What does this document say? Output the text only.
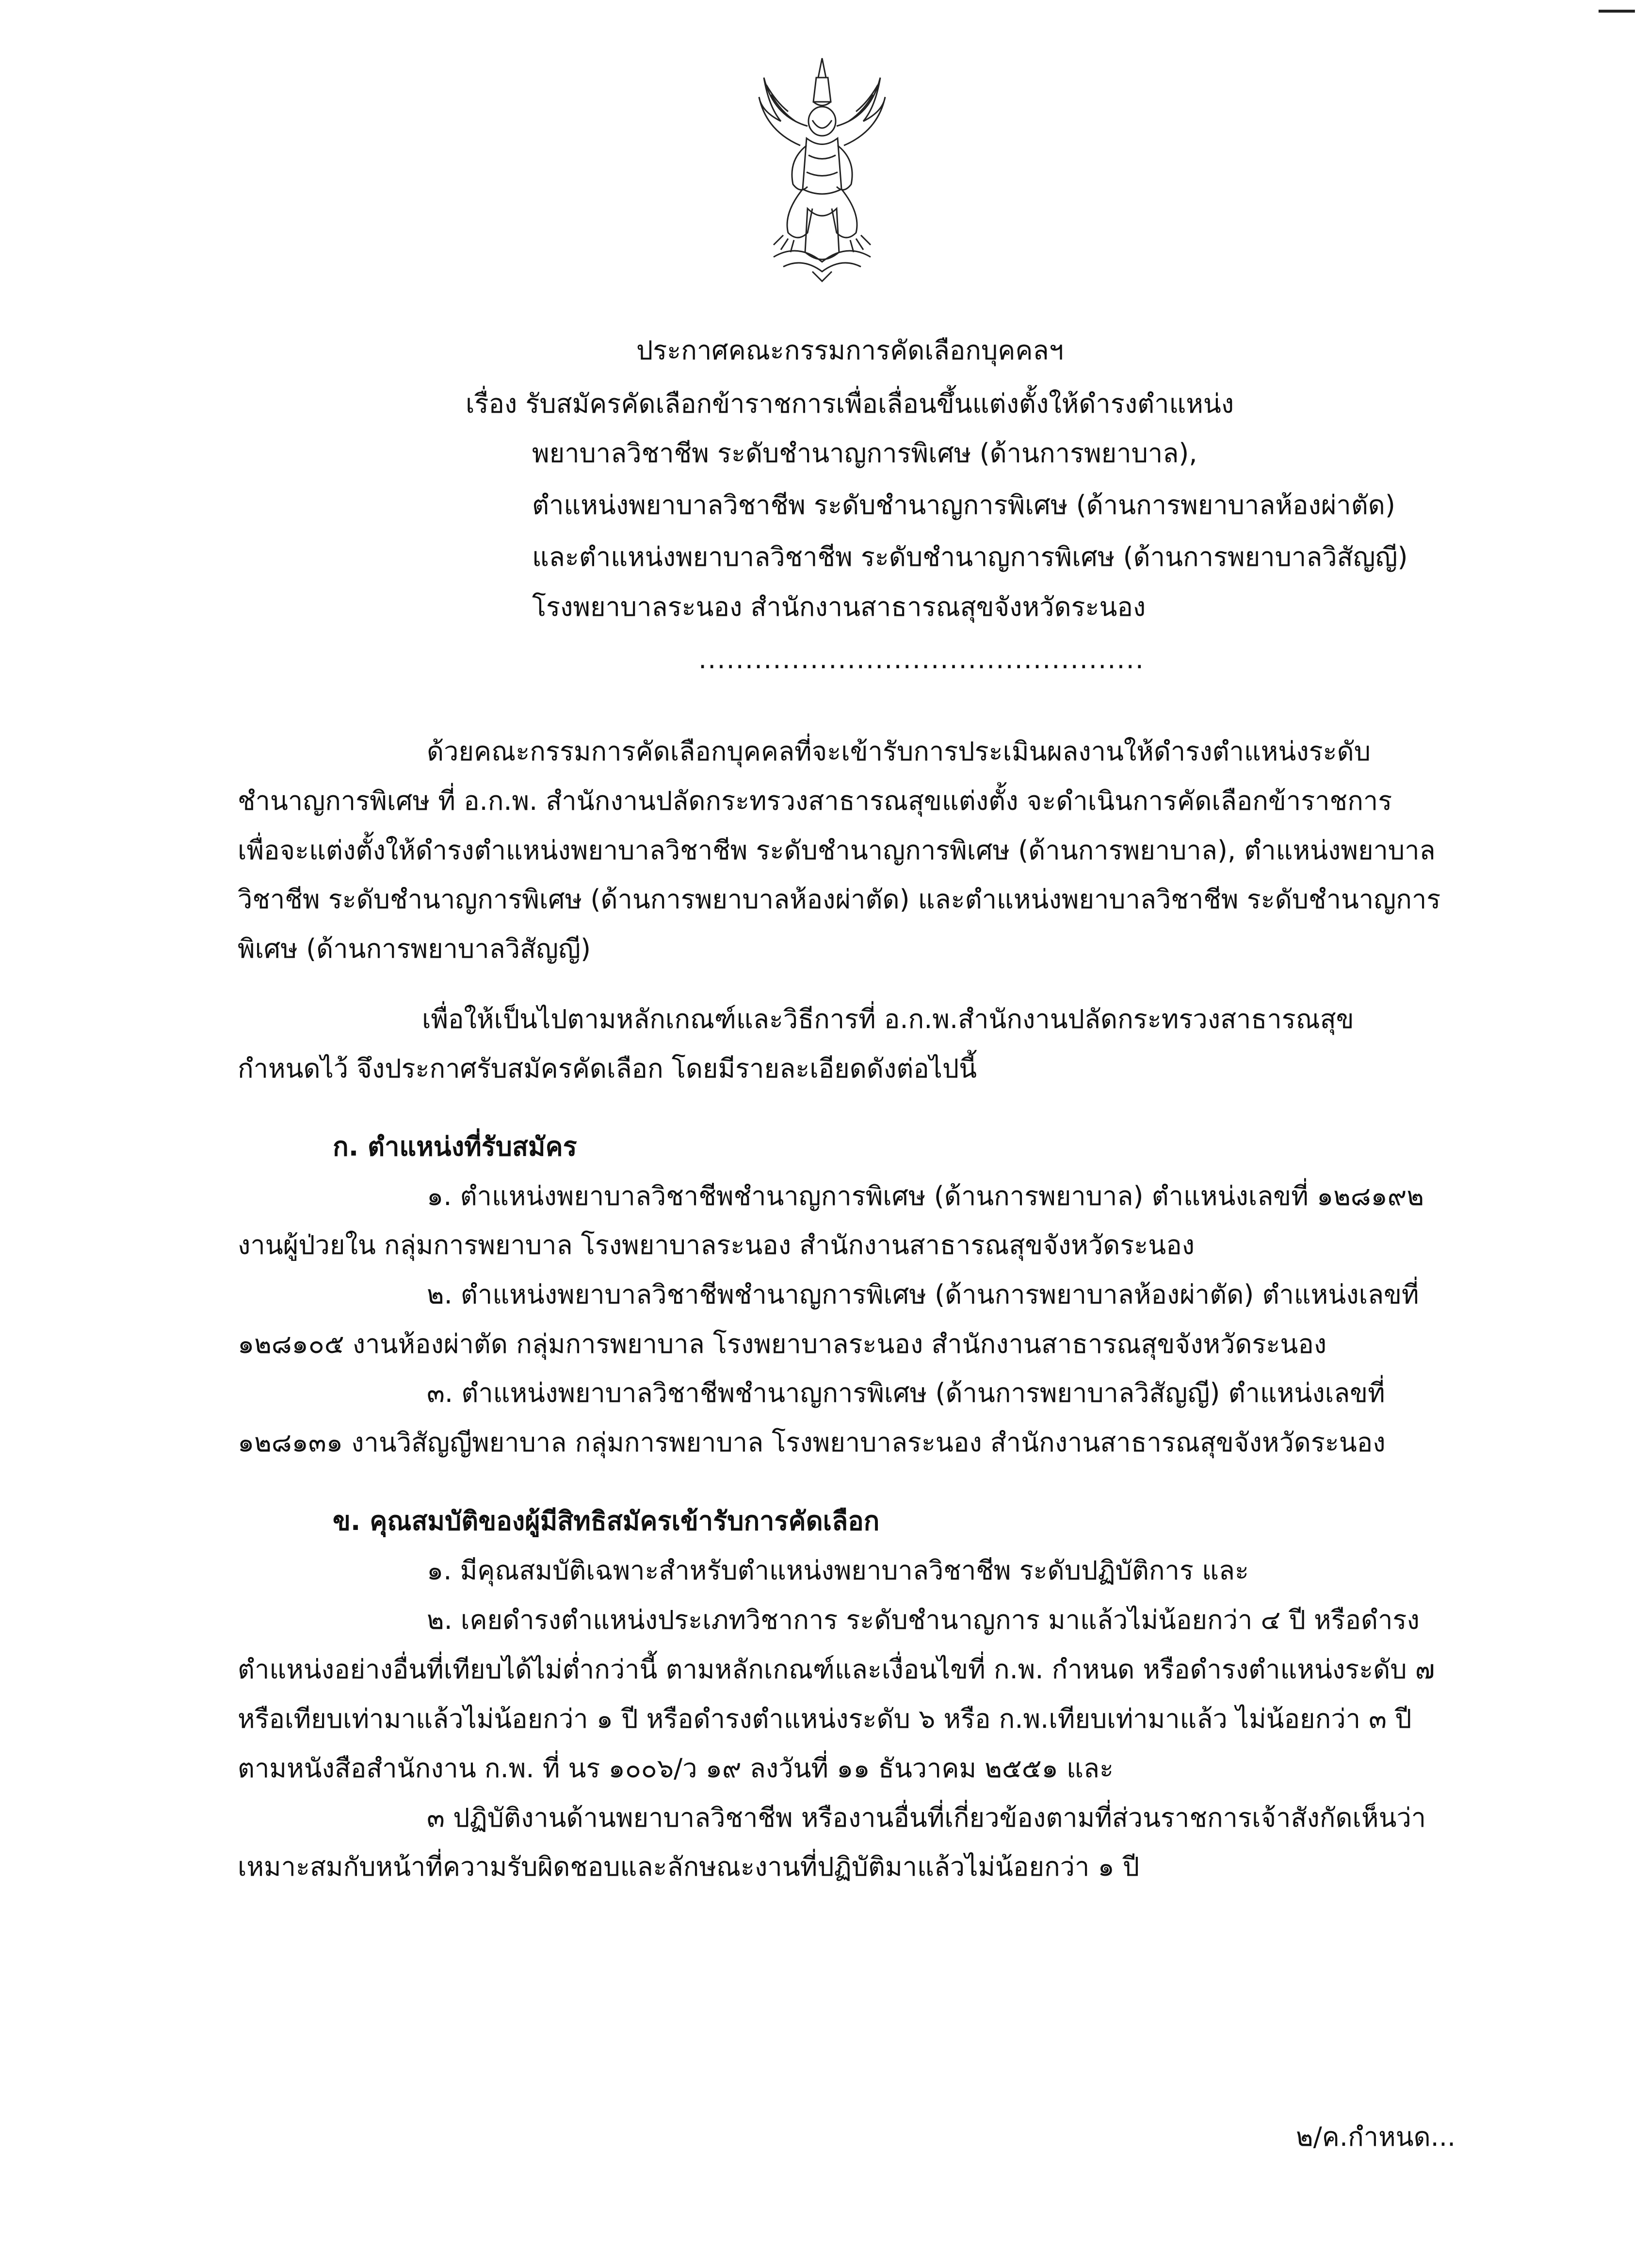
ประกาศคณะกรรมการคัดเลือกบุคคลฯ
เรื่อง รับสมัครคัดเลือกข้าราชการเพื่อเลื่อนขึ้นแต่งตั้งให้ดำรงตำแหน่ง
พยาบาลวิชาชีพ ระดับชำนาญการพิเศษ (ด้านการพยาบาล),
ตำแหน่งพยาบาลวิชาชีพ ระดับชำนาญการพิเศษ (ด้านการพยาบาลห้องผ่าตัด)
และตำแหน่งพยาบาลวิชาชีพ ระดับชำนาญการพิเศษ (ด้านการพยาบาลวิสัญญี)
โรงพยาบาลระนอง สำนักงานสาธารณสุขจังหวัดระนอง
................................................
ด้วยคณะกรรมการคัดเลือกบุคคลที่จะเข้ารับการประเมินผลงานให้ดำรงตำแหน่งระดับ
ชำนาญการพิเศษ ที่ อ.ก.พ. สำนักงานปลัดกระทรวงสาธารณสุขแต่งตั้ง จะดำเนินการคัดเลือกข้าราชการ
เพื่อจะแต่งตั้งให้ดำรงตำแหน่งพยาบาลวิชาชีพ ระดับชำนาญการพิเศษ (ด้านการพยาบาล), ตำแหน่งพยาบาล
วิชาชีพ ระดับชำนาญการพิเศษ (ด้านการพยาบาลห้องผ่าตัด) และตำแหน่งพยาบาลวิชาชีพ ระดับชำนาญการ
พิเศษ (ด้านการพยาบาลวิสัญญี)
เพื่อให้เป็นไปตามหลักเกณฑ์และวิธีการที่ อ.ก.พ.สำนักงานปลัดกระทรวงสาธารณสุข
กำหนดไว้ จึงประกาศรับสมัครคัดเลือก โดยมีรายละเอียดดังต่อไปนี้
ก. ตำแหน่งที่รับสมัคร
๑. ตำแหน่งพยาบาลวิชาชีพชำนาญการพิเศษ (ด้านการพยาบาล) ตำแหน่งเลขที่ ๑๒๘๑๙๒
งานผู้ป่วยใน กลุ่มการพยาบาล โรงพยาบาลระนอง สำนักงานสาธารณสุขจังหวัดระนอง
๒. ตำแหน่งพยาบาลวิชาชีพชำนาญการพิเศษ (ด้านการพยาบาลห้องผ่าตัด) ตำแหน่งเลขที่
๑๒๘๑๐๕ งานห้องผ่าตัด กลุ่มการพยาบาล โรงพยาบาลระนอง สำนักงานสาธารณสุขจังหวัดระนอง
๓. ตำแหน่งพยาบาลวิชาชีพชำนาญการพิเศษ (ด้านการพยาบาลวิสัญญี) ตำแหน่งเลขที่
๑๒๘๑๓๑ งานวิสัญญีพยาบาล กลุ่มการพยาบาล โรงพยาบาลระนอง สำนักงานสาธารณสุขจังหวัดระนอง
ข. คุณสมบัติของผู้มีสิทธิสมัครเข้ารับการคัดเลือก
๑. มีคุณสมบัติเฉพาะสำหรับตำแหน่งพยาบาลวิชาชีพ ระดับปฏิบัติการ และ
๒. เคยดำรงตำแหน่งประเภทวิชาการ ระดับชำนาญการ มาแล้วไม่น้อยกว่า ๔ ปี หรือดำรง
ตำแหน่งอย่างอื่นที่เทียบได้ไม่ต่ำกว่านี้ ตามหลักเกณฑ์และเงื่อนไขที่ ก.พ. กำหนด หรือดำรงตำแหน่งระดับ ๗
หรือเทียบเท่ามาแล้วไม่น้อยกว่า ๑ ปี หรือดำรงตำแหน่งระดับ ๖ หรือ ก.พ.เทียบเท่ามาแล้ว ไม่น้อยกว่า ๓ ปี
ตามหนังสือสำนักงาน ก.พ. ที่ นร ๑๐๐๖/ว ๑๙ ลงวันที่ ๑๑ ธันวาคม ๒๕๕๑ และ
๓ ปฏิบัติงานด้านพยาบาลวิชาชีพ หรืองานอื่นที่เกี่ยวข้องตามที่ส่วนราชการเจ้าสังกัดเห็นว่า
เหมาะสมกับหน้าที่ความรับผิดชอบและลักษณะงานที่ปฏิบัติมาแล้วไม่น้อยกว่า ๑ ปี
๒/ค.กำหนด...
